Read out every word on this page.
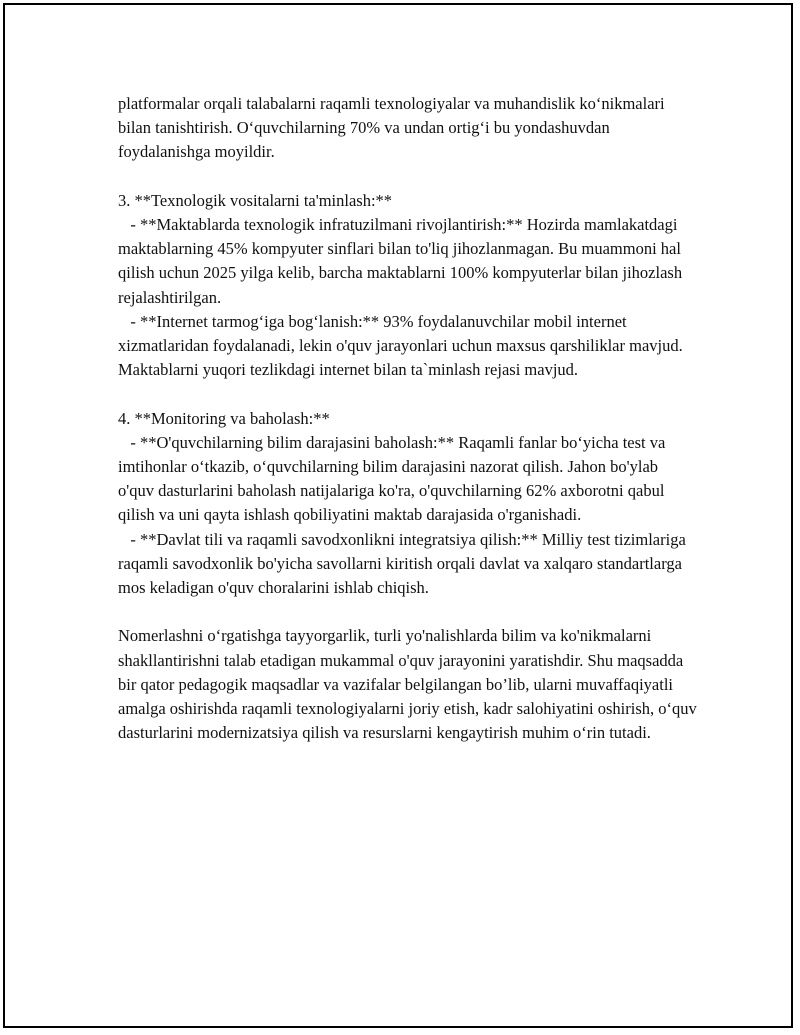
platformalar orqali talabalarni raqamli texnologiyalar va muhandislik ko‘nikmalari bilan tanishtirish. O‘quvchilarning 70% va undan ortig‘i bu yondashuvdan foydalanishga moyildir.

3. **Texnologik vositalarni ta'minlash:**

- **Maktablarda texnologik infratuzilmani rivojlantirish:** Hozirda mamlakatdagi maktablarning 45% kompyuter sinflari bilan to'liq jihozlanmagan. Bu muammoni hal qilish uchun 2025 yilga kelib, barcha maktablarni 100% kompyuterlar bilan jihozlash rejalashtirilgan.

- **Internet tarmog‘iga bog‘lanish:** 93% foydalanuvchilar mobil internet xizmatlaridan foydalanadi, lekin o'quv jarayonlari uchun maxsus qarshiliklar mavjud. Maktablarni yuqori tezlikdagi internet bilan ta`minlash rejasi mavjud.

4. **Monitoring va baholash:**

- **O'quvchilarning bilim darajasini baholash:** Raqamli fanlar bo‘yicha test va imtihonlar o‘tkazib, o‘quvchilarning bilim darajasini nazorat qilish. Jahon bo'ylab o'quv dasturlarini baholash natijalariga ko'ra, o'quvchilarning 62% axborotni qabul qilish va uni qayta ishlash qobiliyatini maktab darajasida o'rganishadi.

- **Davlat tili va raqamli savodxonlikni integratsiya qilish:** Milliy test tizimlariga raqamli savodxonlik bo'yicha savollarni kiritish orqali davlat va xalqaro standartlarga mos keladigan o'quv choralarini ishlab chiqish.

Nomerlashni o‘rgatishga tayyorgarlik, turli yo'nalishlarda bilim va ko'nikmalarni shakllantirishni talab etadigan mukammal o'quv jarayonini yaratishdir. Shu maqsadda bir qator pedagogik maqsadlar va vazifalar belgilangan bo’lib, ularni muvaffaqiyatli amalga oshirishda raqamli texnologiyalarni joriy etish, kadr salohiyatini oshirish, o‘quv dasturlarini modernizatsiya qilish va resurslarni kengaytirish muhim o‘rin tutadi.
